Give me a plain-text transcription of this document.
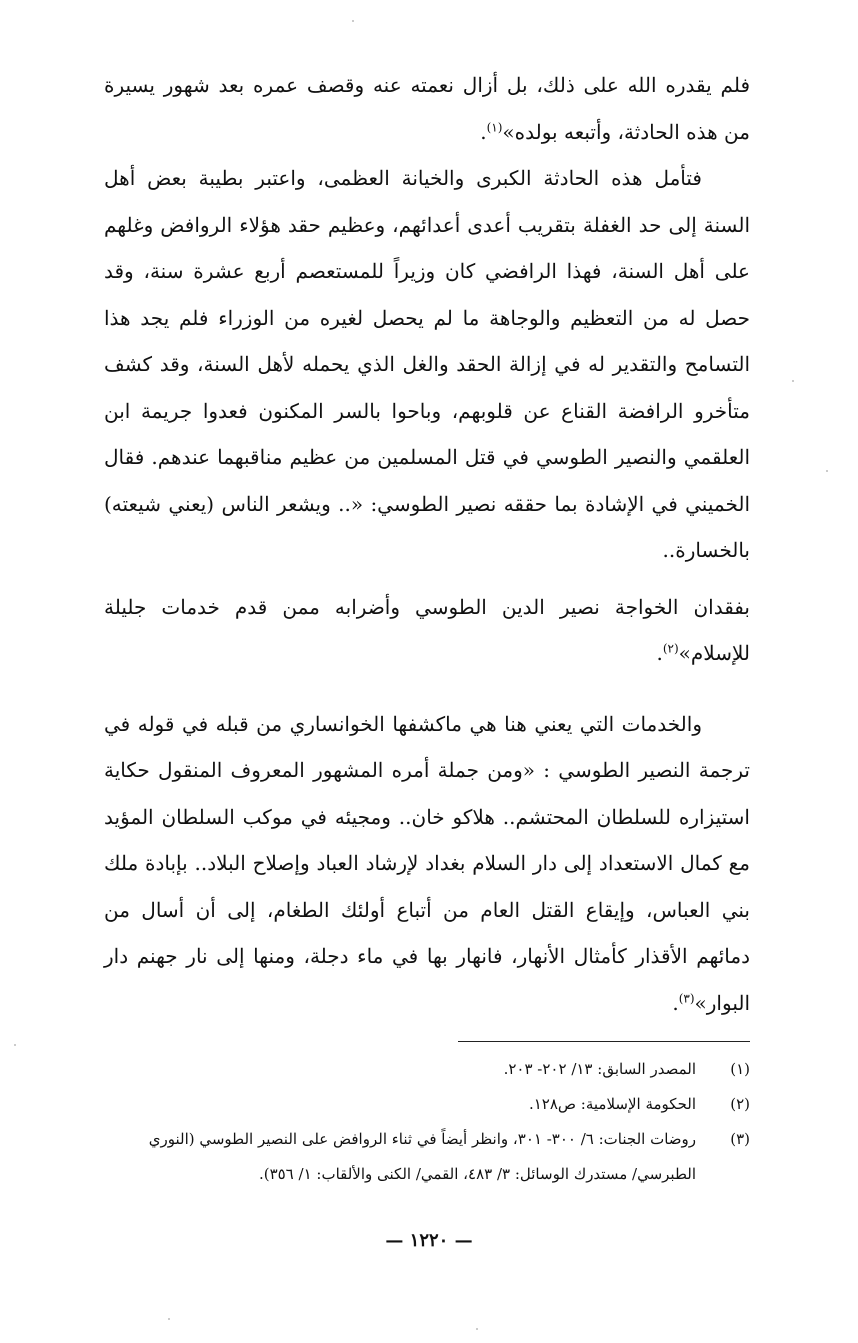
فلم يقدره الله على ذلك، بل أزال نعمته عنه وقصف عمره بعد شهور يسيرة من هذه الحادثة، وأتبعه بولده»$^{(١)}$.

فتأمل هذه الحادثة الكبرى والخيانة العظمى، واعتبر بطيبة بعض أهل السنة إلى حد الغفلة بتقريب أعدى أعدائهم، وعظيم حقد هؤلاء الروافض وغلهم على أهل السنة، فهذا الرافضي كان وزيراً للمستعصم أربع عشرة سنة، وقد حصل له من التعظيم والوجاهة ما لم يحصل لغيره من الوزراء فلم يجد هذا التسامح والتقدير له في إزالة الحقد والغل الذي يحمله لأهل السنة، وقد كشف متأخرو الرافضة القناع عن قلوبهم، وباحوا بالسر المكنون فعدوا جريمة ابن العلقمي والنصير الطوسي في قتل المسلمين من عظيم مناقبهما عندهم. فقال الخميني في الإشادة بما حققه نصير الطوسي: «.. ويشعر الناس (يعني شيعته) بالخسارة..

بفقدان الخواجة نصير الدين الطوسي وأضرابه ممن قدم خدمات جليلة للإسلام»$^{(٢)}$.

والخدمات التي يعني هنا هي ماكشفها الخوانساري من قبله في قوله في ترجمة النصير الطوسي : «ومن جملة أمره المشهور المعروف المنقول حكاية استيزاره للسلطان المحتشم.. هلاكو خان.. ومجيئه في موكب السلطان المؤيد مع كمال الاستعداد إلى دار السلام بغداد لإرشاد العباد وإصلاح البلاد.. بإبادة ملك بني العباس، وإيقاع القتل العام من أتباع أولئك الطغام، إلى أن أسال من دمائهم الأقذار كأمثال الأنهار، فانهار بها في ماء دجلة، ومنها إلى نار جهنم دار البوار»$^{(٣)}$.

(١)
المصدر السابق: ١٣/ ٢٠٢- ٢٠٣.

(٢)
الحكومة الإسلامية: ص١٢٨.

(٣)
روضات الجنات: ٦/ ٣٠٠- ٣٠١، وانظر أيضاً في ثناء الروافض على النصير الطوسي (النوري الطبرسي/ مستدرك الوسائل: ٣/ ٤٨٣، القمي/ الكنى والألقاب: ١/ ٣٥٦).

— ١٢٢٠ —
